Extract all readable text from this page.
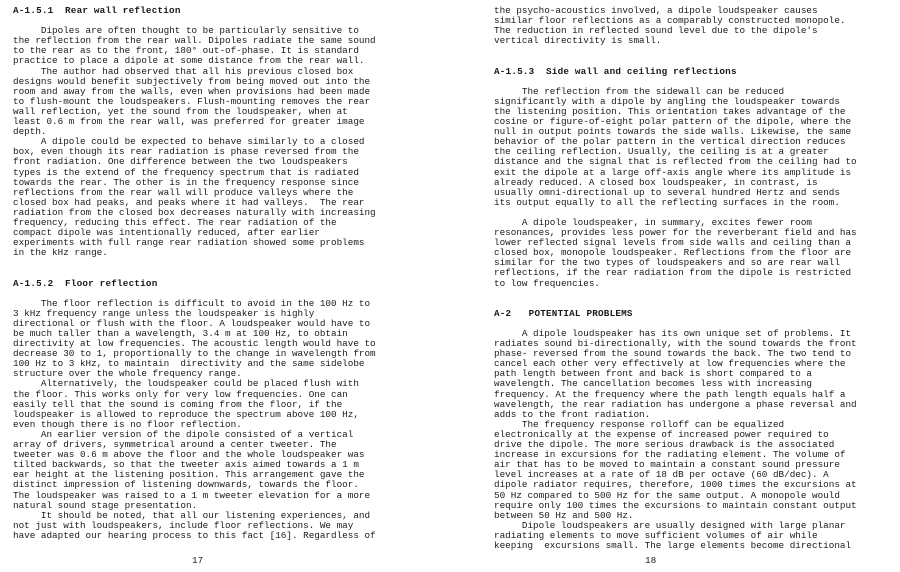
A-1.5.1  Rear wall reflection
Dipoles are often thought to be particularly sensitive to
the reflection from the rear wall. Dipoles radiate the same sound
to the rear as to the front, 180° out-of-phase. It is standard
practice to place a dipole at some distance from the rear wall.
The author had observed that all his previous closed box
designs would benefit subjectively from being moved out into the
room and away from the walls, even when provisions had been made
to flush-mount the loudspeakers. Flush-mounting removes the rear
wall reflection, yet the sound from the loudspeaker, when at
least 0.6 m from the rear wall, was preferred for greater image
depth.
A dipole could be expected to behave similarly to a closed
box, even though its rear radiation is phase reversed from the
front radiation. One difference between the two loudspeakers
types is the extend of the frequency spectrum that is radiated
towards the rear. The other is in the frequency response since
reflections from the rear wall will produce valleys where the
closed box had peaks, and peaks where it had valleys.  The rear
radiation from the closed box decreases naturally with increasing
frequency, reducing this effect. The rear radiation of the
compact dipole was intentionally reduced, after earlier
experiments with full range rear radiation showed some problems
in the kHz range.
A-1.5.2  Floor reflection
The floor reflection is difficult to avoid in the 100 Hz to
3 kHz frequency range unless the loudspeaker is highly
directional or flush with the floor. A loudspeaker would have to
be much taller than a wavelength, 3.4 m at 100 Hz, to obtain
directivity at low frequencies. The acoustic length would have to
decrease 30 to 1, proportionally to the change in wavelength from
100 Hz to 3 kHz, to maintain  directivity and the same sidelobe
structure over the whole frequency range.
Alternatively, the loudspeaker could be placed flush with
the floor. This works only for very low frequencies. One can
easily tell that the sound is coming from the floor, if the
loudspeaker is allowed to reproduce the spectrum above 100 Hz,
even though there is no floor reflection.
An earlier version of the dipole consisted of a vertical
array of drivers, symmetrical around a center tweeter. The
tweeter was 0.6 m above the floor and the whole loudspeaker was
tilted backwards, so that the tweeter axis aimed towards a 1 m
ear height at the listening position. This arrangement gave the
distinct impression of listening downwards, towards the floor.
The loudspeaker was raised to a 1 m tweeter elevation for a more
natural sound stage presentation.
It should be noted, that all our listening experiences, and
not just with loudspeakers, include floor reflections. We may
have adapted our hearing process to this fact [16]. Regardless of
17
the psycho-acoustics involved, a dipole loudspeaker causes
similar floor reflections as a comparably constructed monopole.
The reduction in reflected sound level due to the dipole's
vertical directivity is small.
A-1.5.3  Side wall and ceiling reflections
The reflection from the sidewall can be reduced
significantly with a dipole by angling the loudspeaker towards
the listening position. This orientation takes advantage of the
cosine or figure-of-eight polar pattern of the dipole, where the
null in output points towards the side walls. Likewise, the same
behavior of the polar pattern in the vertical direction reduces
the ceiling reflection. Usually, the ceiling is at a greater
distance and the signal that is reflected from the ceiling had to
exit the dipole at a large off-axis angle where its amplitude is
already reduced. A closed box loudspeaker, in contrast, is
usually omni-directional up to several hundred Hertz and sends
its output equally to all the reflecting surfaces in the room.
A dipole loudspeaker, in summary, excites fewer room
resonances, provides less power for the reverberant field and has
lower reflected signal levels from side walls and ceiling than a
closed box, monopole loudspeaker. Reflections from the floor are
similar for the two types of loudspeakers and so are rear wall
reflections, if the rear radiation from the dipole is restricted
to low frequencies.
A-2   POTENTIAL PROBLEMS
A dipole loudspeaker has its own unique set of problems. It
radiates sound bi-directionally, with the sound towards the front
phase- reversed from the sound towards the back. The two tend to
cancel each other very effectively at low frequencies where the
path length between front and back is short compared to a
wavelength. The cancellation becomes less with increasing
frequency. At the frequency where the path length equals half a
wavelength, the rear radiation has undergone a phase reversal and
adds to the front radiation.
The frequency response rolloff can be equalized
electronically at the expense of increased power required to
drive the dipole. The more serious drawback is the associated
increase in excursions for the radiating element. The volume of
air that has to be moved to maintain a constant sound pressure
level increases at a rate of 18 dB per octave (60 dB/dec). A
dipole radiator requires, therefore, 1000 times the excursions at
50 Hz compared to 500 Hz for the same output. A monopole would
require only 100 times the excursions to maintain constant output
between 50 Hz and 500 Hz.
Dipole loudspeakers are usually designed with large planar
radiating elements to move sufficient volumes of air while
keeping  excursions small. The large elements become directional
18
